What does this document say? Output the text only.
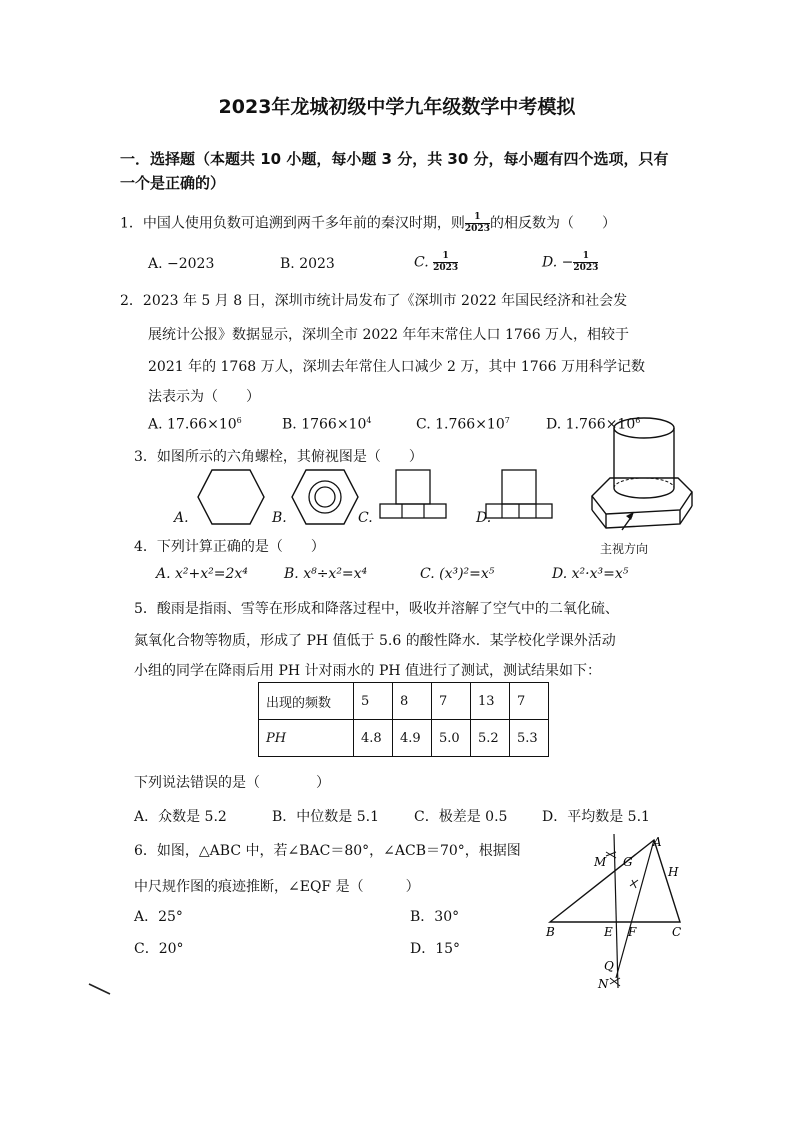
2023年龙城初级中学九年级数学中考模拟
一．选择题（本题共 10 小题，每小题 3 分，共 30 分，每小题有四个选项，只有
一个是正确的）
1．中国人使用负数可追溯到两千多年前的秦汉时期，则 $\frac{1}{2023}$ 的相反数为（　　）
A. −2023	B. 2023	C. $\frac{1}{2023}$	D. − $\frac{1}{2023}$
2．2023 年 5 月 8 日，深圳市统计局发布了《深圳市 2022 年国民经济和社会发
展统计公报》数据显示，深圳全市 2022 年年末常住人口 1766 万人，相较于
2021 年的 1768 万人，深圳去年常住人口减少 2 万，其中 1766 万用科学记数
法表示为（　　）
A. $17.66\times 10^6$	B. $1766\times 10^4$	C. $1.766\times 10^7$	D. $1.766\times 10^6$
3．如图所示的六角螺栓，其俯视图是（　　）
A.	B.	C.	D.
主视方向
4．下列计算正确的是（　　）
A. x²+x²=2x⁴	B. x⁸÷x²=x⁴	C. (x³)²=x⁵	D. x²·x³=x⁵
5．酸雨是指雨、雪等在形成和降落过程中，吸收并溶解了空气中的二氧化硫、
氮氧化合物等物质，形成了 PH 值低于 5.6 的酸性降水．某学校化学课外活动
小组的同学在降雨后用 PH 计对雨水的 PH 值进行了测试，测试结果如下：
出现的频数	5	8	7	13	7
PH	4.8	4.9	5.0	5.2	5.3
下列说法错误的是（　　　　）
A．众数是 5.2	B．中位数是 5.1 C．极差是 0.5 D．平均数是 5.1
6．如图，△ABC 中，若∠BAC＝80°，∠ACB＝70°，根据图
中尺规作图的痕迹推断，∠EQF 是（　　　）
A．25°	B．30°
C．20°	D．15°
M G
A
H
B	E F	C
Q
N
